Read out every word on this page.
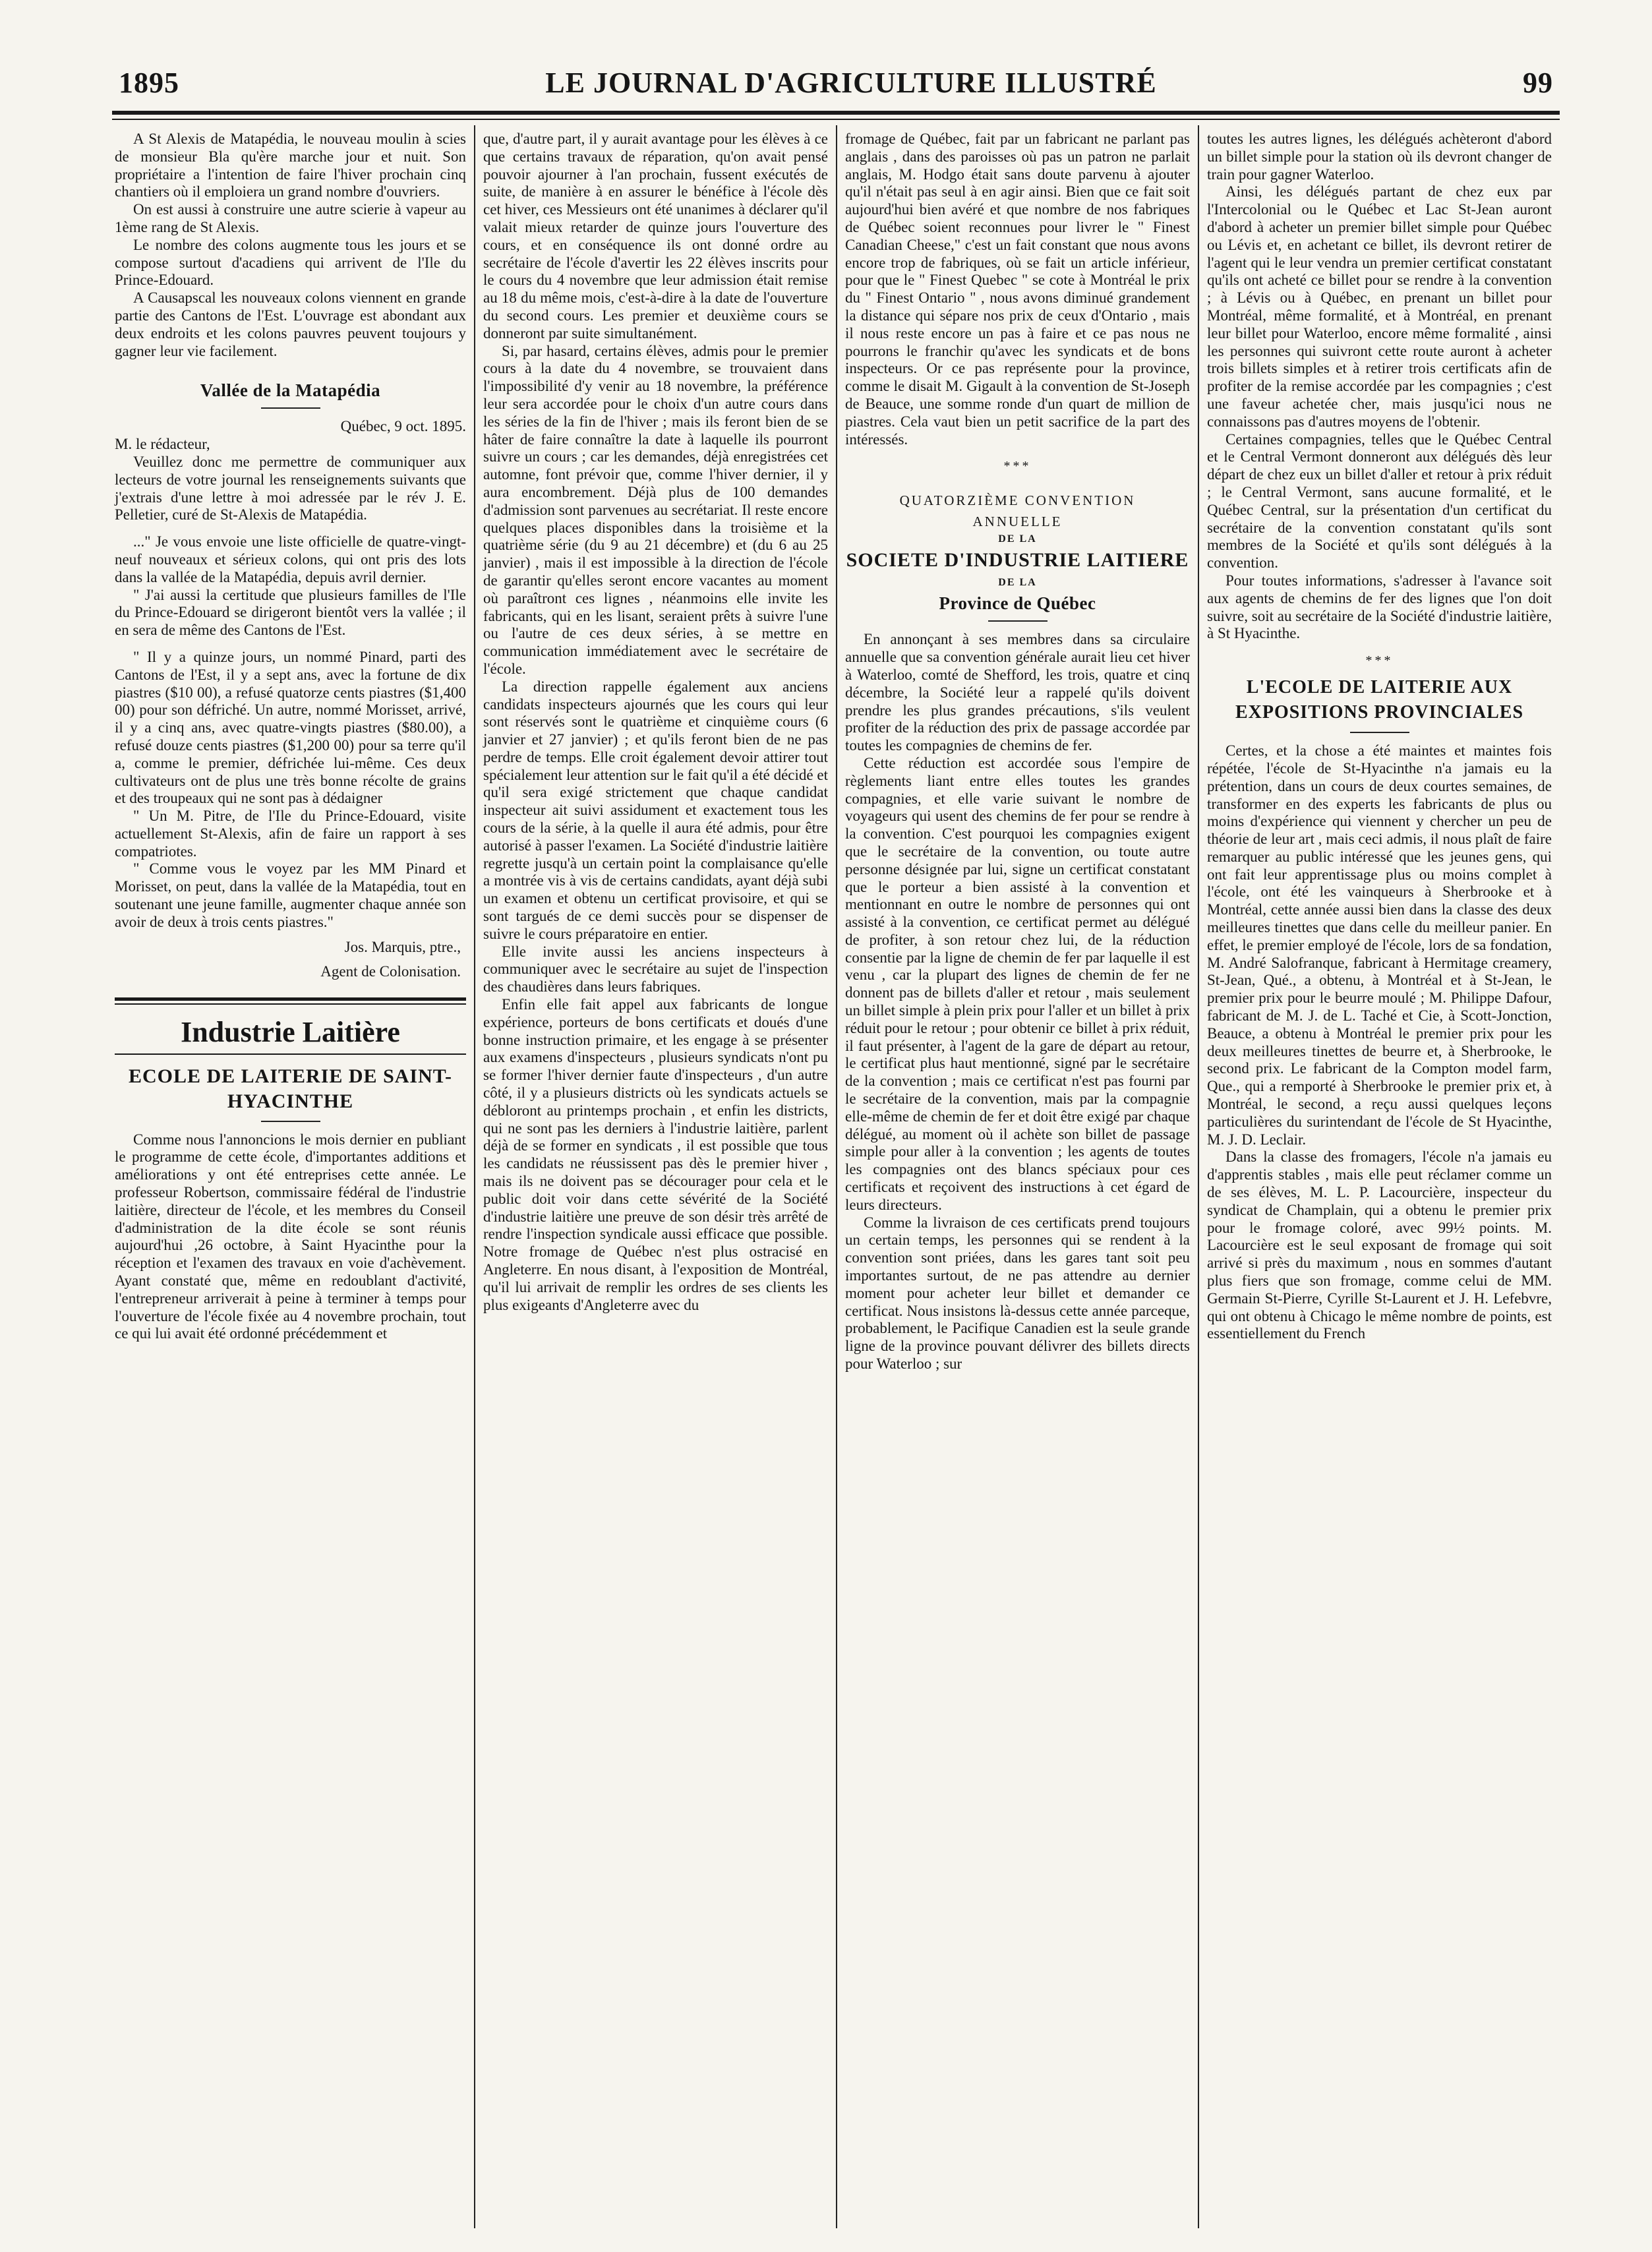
1895	LE JOURNAL D'AGRICULTURE ILLUSTRÉ	99

A St Alexis de Matapédia, le nouveau moulin à scies de monsieur Bla qu'ère marche jour et nuit. Son propriétaire a l'intention de faire l'hiver prochain cinq chantiers où il emploiera un grand nombre d'ouvriers.

On est aussi à construire une autre scierie à vapeur au 1ème rang de St Alexis.

Le nombre des colons augmente tous les jours et se compose surtout d'acadiens qui arrivent de l'Ile du Prince-Edouard.

A Causapscal les nouveaux colons viennent en grande partie des Cantons de l'Est. L'ouvrage est abondant aux deux endroits et les colons pauvres peuvent toujours y gagner leur vie facilement.

Vallée de la Matapédia

Québec, 9 oct. 1895.

M. le rédacteur,

Veuillez donc me permettre de communiquer aux lecteurs de votre journal les renseignements suivants que j'extrais d'une lettre à moi adressée par le rév J. E. Pelletier, curé de St-Alexis de Matapédia.

..." Je vous envoie une liste officielle de quatre-vingt-neuf nouveaux et sérieux colons, qui ont pris des lots dans la vallée de la Matapédia, depuis avril dernier.

" J'ai aussi la certitude que plusieurs familles de l'Ile du Prince-Edouard se dirigeront bientôt vers la vallée ; il en sera de même des Cantons de l'Est.

" Il y a quinze jours, un nommé Pinard, parti des Cantons de l'Est, il y a sept ans, avec la fortune de dix piastres ($10 00), a refusé quatorze cents piastres ($1,400 00) pour son défriché. Un autre, nommé Morisset, arrivé, il y a cinq ans, avec quatre-vingts piastres ($80.00), a refusé douze cents piastres ($1,200 00) pour sa terre qu'il a, comme le premier, défrichée lui-même. Ces deux cultivateurs ont de plus une très bonne récolte de grains et des troupeaux qui ne sont pas à dédaigner

" Un M. Pitre, de l'Ile du Prince-Edouard, visite actuellement St-Alexis, afin de faire un rapport à ses compatriotes.

" Comme vous le voyez par les MM Pinard et Morisset, on peut, dans la vallée de la Matapédia, tout en soutenant une jeune famille, augmenter chaque année son avoir de deux à trois cents piastres."

Jos. Marquis, ptre.,
Agent de Colonisation.
Industrie Laitière
ECOLE DE LAITERIE DE SAINT-HYACINTHE

Comme nous l'annoncions le mois dernier en publiant le programme de cette école, d'importantes additions et améliorations y ont été entreprises cette année. Le professeur Robertson, commissaire fédéral de l'industrie laitière, directeur de l'école, et les membres du Conseil d'administration de la dite école se sont réunis aujourd'hui ,26 octobre, à Saint Hyacinthe pour la réception et l'examen des travaux en voie d'achèvement. Ayant constaté que, même en redoublant d'activité, l'entrepreneur arriverait à peine à terminer à temps pour l'ouverture de l'école fixée au 4 novembre prochain, tout ce qui lui avait été ordonné précédemment et

que, d'autre part, il y aurait avantage pour les élèves à ce que certains travaux de réparation, qu'on avait pensé pouvoir ajourner à l'an prochain, fussent exécutés de suite, de manière à en assurer le bénéfice à l'école dès cet hiver, ces Messieurs ont été unanimes à déclarer qu'il valait mieux retarder de quinze jours l'ouverture des cours, et en conséquence ils ont donné ordre au secrétaire de l'école d'avertir les 22 élèves inscrits pour le cours du 4 novembre que leur admission était remise au 18 du même mois, c'est-à-dire à la date de l'ouverture du second cours. Les premier et deuxième cours se donneront par suite simultanément.

Si, par hasard, certains élèves, admis pour le premier cours à la date du 4 novembre, se trouvaient dans l'impossibilité d'y venir au 18 novembre, la préférence leur sera accordée pour le choix d'un autre cours dans les séries de la fin de l'hiver ; mais ils feront bien de se hâter de faire connaître la date à laquelle ils pourront suivre un cours ; car les demandes, déjà enregistrées cet automne, font prévoir que, comme l'hiver dernier, il y aura encombrement. Déjà plus de 100 demandes d'admission sont parvenues au secrétariat. Il reste encore quelques places disponibles dans la troisième et la quatrième série (du 9 au 21 décembre) et (du 6 au 25 janvier) , mais il est impossible à la direction de l'école de garantir qu'elles seront encore vacantes au moment où paraîtront ces lignes , néanmoins elle invite les fabricants, qui en les lisant, seraient prêts à suivre l'une ou l'autre de ces deux séries, à se mettre en communication immédiatement avec le secrétaire de l'école.

La direction rappelle également aux anciens candidats inspecteurs ajournés que les cours qui leur sont réservés sont le quatrième et cinquième cours (6 janvier et 27 janvier) ; et qu'ils feront bien de ne pas perdre de temps. Elle croit également devoir attirer tout spécialement leur attention sur le fait qu'il a été décidé et qu'il sera exigé strictement que chaque candidat inspecteur ait suivi assidument et exactement tous les cours de la série, à la quelle il aura été admis, pour être autorisé à passer l'examen. La Société d'industrie laitière regrette jusqu'à un certain point la complaisance qu'elle a montrée vis à vis de certains candidats, ayant déjà subi un examen et obtenu un certificat provisoire, et qui se sont targués de ce demi succès pour se dispenser de suivre le cours préparatoire en entier.

Elle invite aussi les anciens inspecteurs à communiquer avec le secrétaire au sujet de l'inspection des chaudières dans leurs fabriques.

Enfin elle fait appel aux fabricants de longue expérience, porteurs de bons certificats et doués d'une bonne instruction primaire, et les engage à se présenter aux examens d'inspecteurs , plusieurs syndicats n'ont pu se former l'hiver dernier faute d'inspecteurs , d'un autre côté, il y a plusieurs districts où les syndicats actuels se débloront au printemps prochain , et enfin les districts, qui ne sont pas les derniers à l'industrie laitière, parlent déjà de se former en syndicats , il est possible que tous les candidats ne réussissent pas dès le premier hiver , mais ils ne doivent pas se décourager pour cela et le public doit voir dans cette sévérité de la Société d'industrie laitière une preuve de son désir très arrêté de rendre l'inspection syndicale aussi efficace que possible. Notre fromage de Québec n'est plus ostracisé en Angleterre. En nous disant, à l'exposition de Montréal, qu'il lui arrivait de remplir les ordres de ses clients les plus exigeants d'Angleterre avec du

fromage de Québec, fait par un fabricant ne parlant pas anglais , dans des paroisses où pas un patron ne parlait anglais, M. Hodgo était sans doute parvenu à ajouter qu'il n'était pas seul à en agir ainsi. Bien que ce fait soit aujourd'hui bien avéré et que nombre de nos fabriques de Québec soient reconnues pour livrer le " Finest Canadian Cheese," c'est un fait constant que nous avons encore trop de fabriques, où se fait un article inférieur, pour que le " Finest Quebec " se cote à Montréal le prix du " Finest Ontario " , nous avons diminué grandement la distance qui sépare nos prix de ceux d'Ontario , mais il nous reste encore un pas à faire et ce pas nous ne pourrons le franchir qu'avec les syndicats et de bons inspecteurs. Or ce pas représente pour la province, comme le disait M. Gigault à la convention de St-Joseph de Beauce, une somme ronde d'un quart de million de piastres. Cela vaut bien un petit sacrifice de la part des intéressés.

***
QUATORZIÈME CONVENTION
ANNUELLE
DE LA
SOCIETE D'INDUSTRIE LAITIERE
DE LA
Province de Québec

En annonçant à ses membres dans sa circulaire annuelle que sa convention générale aurait lieu cet hiver à Waterloo, comté de Shefford, les trois, quatre et cinq décembre, la Société leur a rappelé qu'ils doivent prendre les plus grandes précautions, s'ils veulent profiter de la réduction des prix de passage accordée par toutes les compagnies de chemins de fer.

Cette réduction est accordée sous l'empire de règlements liant entre elles toutes les grandes compagnies, et elle varie suivant le nombre de voyageurs qui usent des chemins de fer pour se rendre à la convention. C'est pourquoi les compagnies exigent que le secrétaire de la convention, ou toute autre personne désignée par lui, signe un certificat constatant que le porteur a bien assisté à la convention et mentionnant en outre le nombre de personnes qui ont assisté à la convention, ce certificat permet au délégué de profiter, à son retour chez lui, de la réduction consentie par la ligne de chemin de fer par laquelle il est venu , car la plupart des lignes de chemin de fer ne donnent pas de billets d'aller et retour , mais seulement un billet simple à plein prix pour l'aller et un billet à prix réduit pour le retour ; pour obtenir ce billet à prix réduit, il faut présenter, à l'agent de la gare de départ au retour, le certificat plus haut mentionné, signé par le secrétaire de la convention ; mais ce certificat n'est pas fourni par le secrétaire de la convention, mais par la compagnie elle-même de chemin de fer et doit être exigé par chaque délégué, au moment où il achète son billet de passage simple pour aller à la convention ; les agents de toutes les compagnies ont des blancs spéciaux pour ces certificats et reçoivent des instructions à cet égard de leurs directeurs.

Comme la livraison de ces certificats prend toujours un certain temps, les personnes qui se rendent à la convention sont priées, dans les gares tant soit peu importantes surtout, de ne pas attendre au dernier moment pour acheter leur billet et demander ce certificat. Nous insistons là-dessus cette année parceque, probablement, le Pacifique Canadien est la seule grande ligne de la province pouvant délivrer des billets directs pour Waterloo ; sur

toutes les autres lignes, les délégués achèteront d'abord un billet simple pour la station où ils devront changer de train pour gagner Waterloo.

Ainsi, les délégués partant de chez eux par l'Intercolonial ou le Québec et Lac St-Jean auront d'abord à acheter un premier billet simple pour Québec ou Lévis et, en achetant ce billet, ils devront retirer de l'agent qui le leur vendra un premier certificat constatant qu'ils ont acheté ce billet pour se rendre à la convention ; à Lévis ou à Québec, en prenant un billet pour Montréal, même formalité, et à Montréal, en prenant leur billet pour Waterloo, encore même formalité , ainsi les personnes qui suivront cette route auront à acheter trois billets simples et à retirer trois certificats afin de profiter de la remise accordée par les compagnies ; c'est une faveur achetée cher, mais jusqu'ici nous ne connaissons pas d'autres moyens de l'obtenir.

Certaines compagnies, telles que le Québec Central et le Central Vermont donneront aux délégués dès leur départ de chez eux un billet d'aller et retour à prix réduit ; le Central Vermont, sans aucune formalité, et le Québec Central, sur la présentation d'un certificat du secrétaire de la convention constatant qu'ils sont membres de la Société et qu'ils sont délégués à la convention.

Pour toutes informations, s'adresser à l'avance soit aux agents de chemins de fer des lignes que l'on doit suivre, soit au secrétaire de la Société d'industrie laitière, à St Hyacinthe.

***
L'ECOLE DE LAITERIE AUX EXPOSITIONS PROVINCIALES

Certes, et la chose a été maintes et maintes fois répétée, l'école de St-Hyacinthe n'a jamais eu la prétention, dans un cours de deux courtes semaines, de transformer en des experts les fabricants de plus ou moins d'expérience qui viennent y chercher un peu de théorie de leur art , mais ceci admis, il nous plaît de faire remarquer au public intéressé que les jeunes gens, qui ont fait leur apprentissage plus ou moins complet à l'école, ont été les vainqueurs à Sherbrooke et à Montréal, cette année aussi bien dans la classe des deux meilleures tinettes que dans celle du meilleur panier. En effet, le premier employé de l'école, lors de sa fondation, M. André Salofranque, fabricant à Hermitage creamery, St-Jean, Qué., a obtenu, à Montréal et à St-Jean, le premier prix pour le beurre moulé ; M. Philippe Dafour, fabricant de M. J. de L. Taché et Cie, à Scott-Jonction, Beauce, a obtenu à Montréal le premier prix pour les deux meilleures tinettes de beurre et, à Sherbrooke, le second prix. Le fabricant de la Compton model farm, Que., qui a remporté à Sherbrooke le premier prix et, à Montréal, le second, a reçu aussi quelques leçons particulières du surintendant de l'école de St Hyacinthe, M. J. D. Leclair.

Dans la classe des fromagers, l'école n'a jamais eu d'apprentis stables , mais elle peut réclamer comme un de ses élèves, M. L. P. Lacourcière, inspecteur du syndicat de Champlain, qui a obtenu le premier prix pour le fromage coloré, avec 99½ points. M. Lacourcière est le seul exposant de fromage qui soit arrivé si près du maximum , nous en sommes d'autant plus fiers que son fromage, comme celui de MM. Germain St-Pierre, Cyrille St-Laurent et J. H. Lefebvre, qui ont obtenu à Chicago le même nombre de points, est essentiellement du French
